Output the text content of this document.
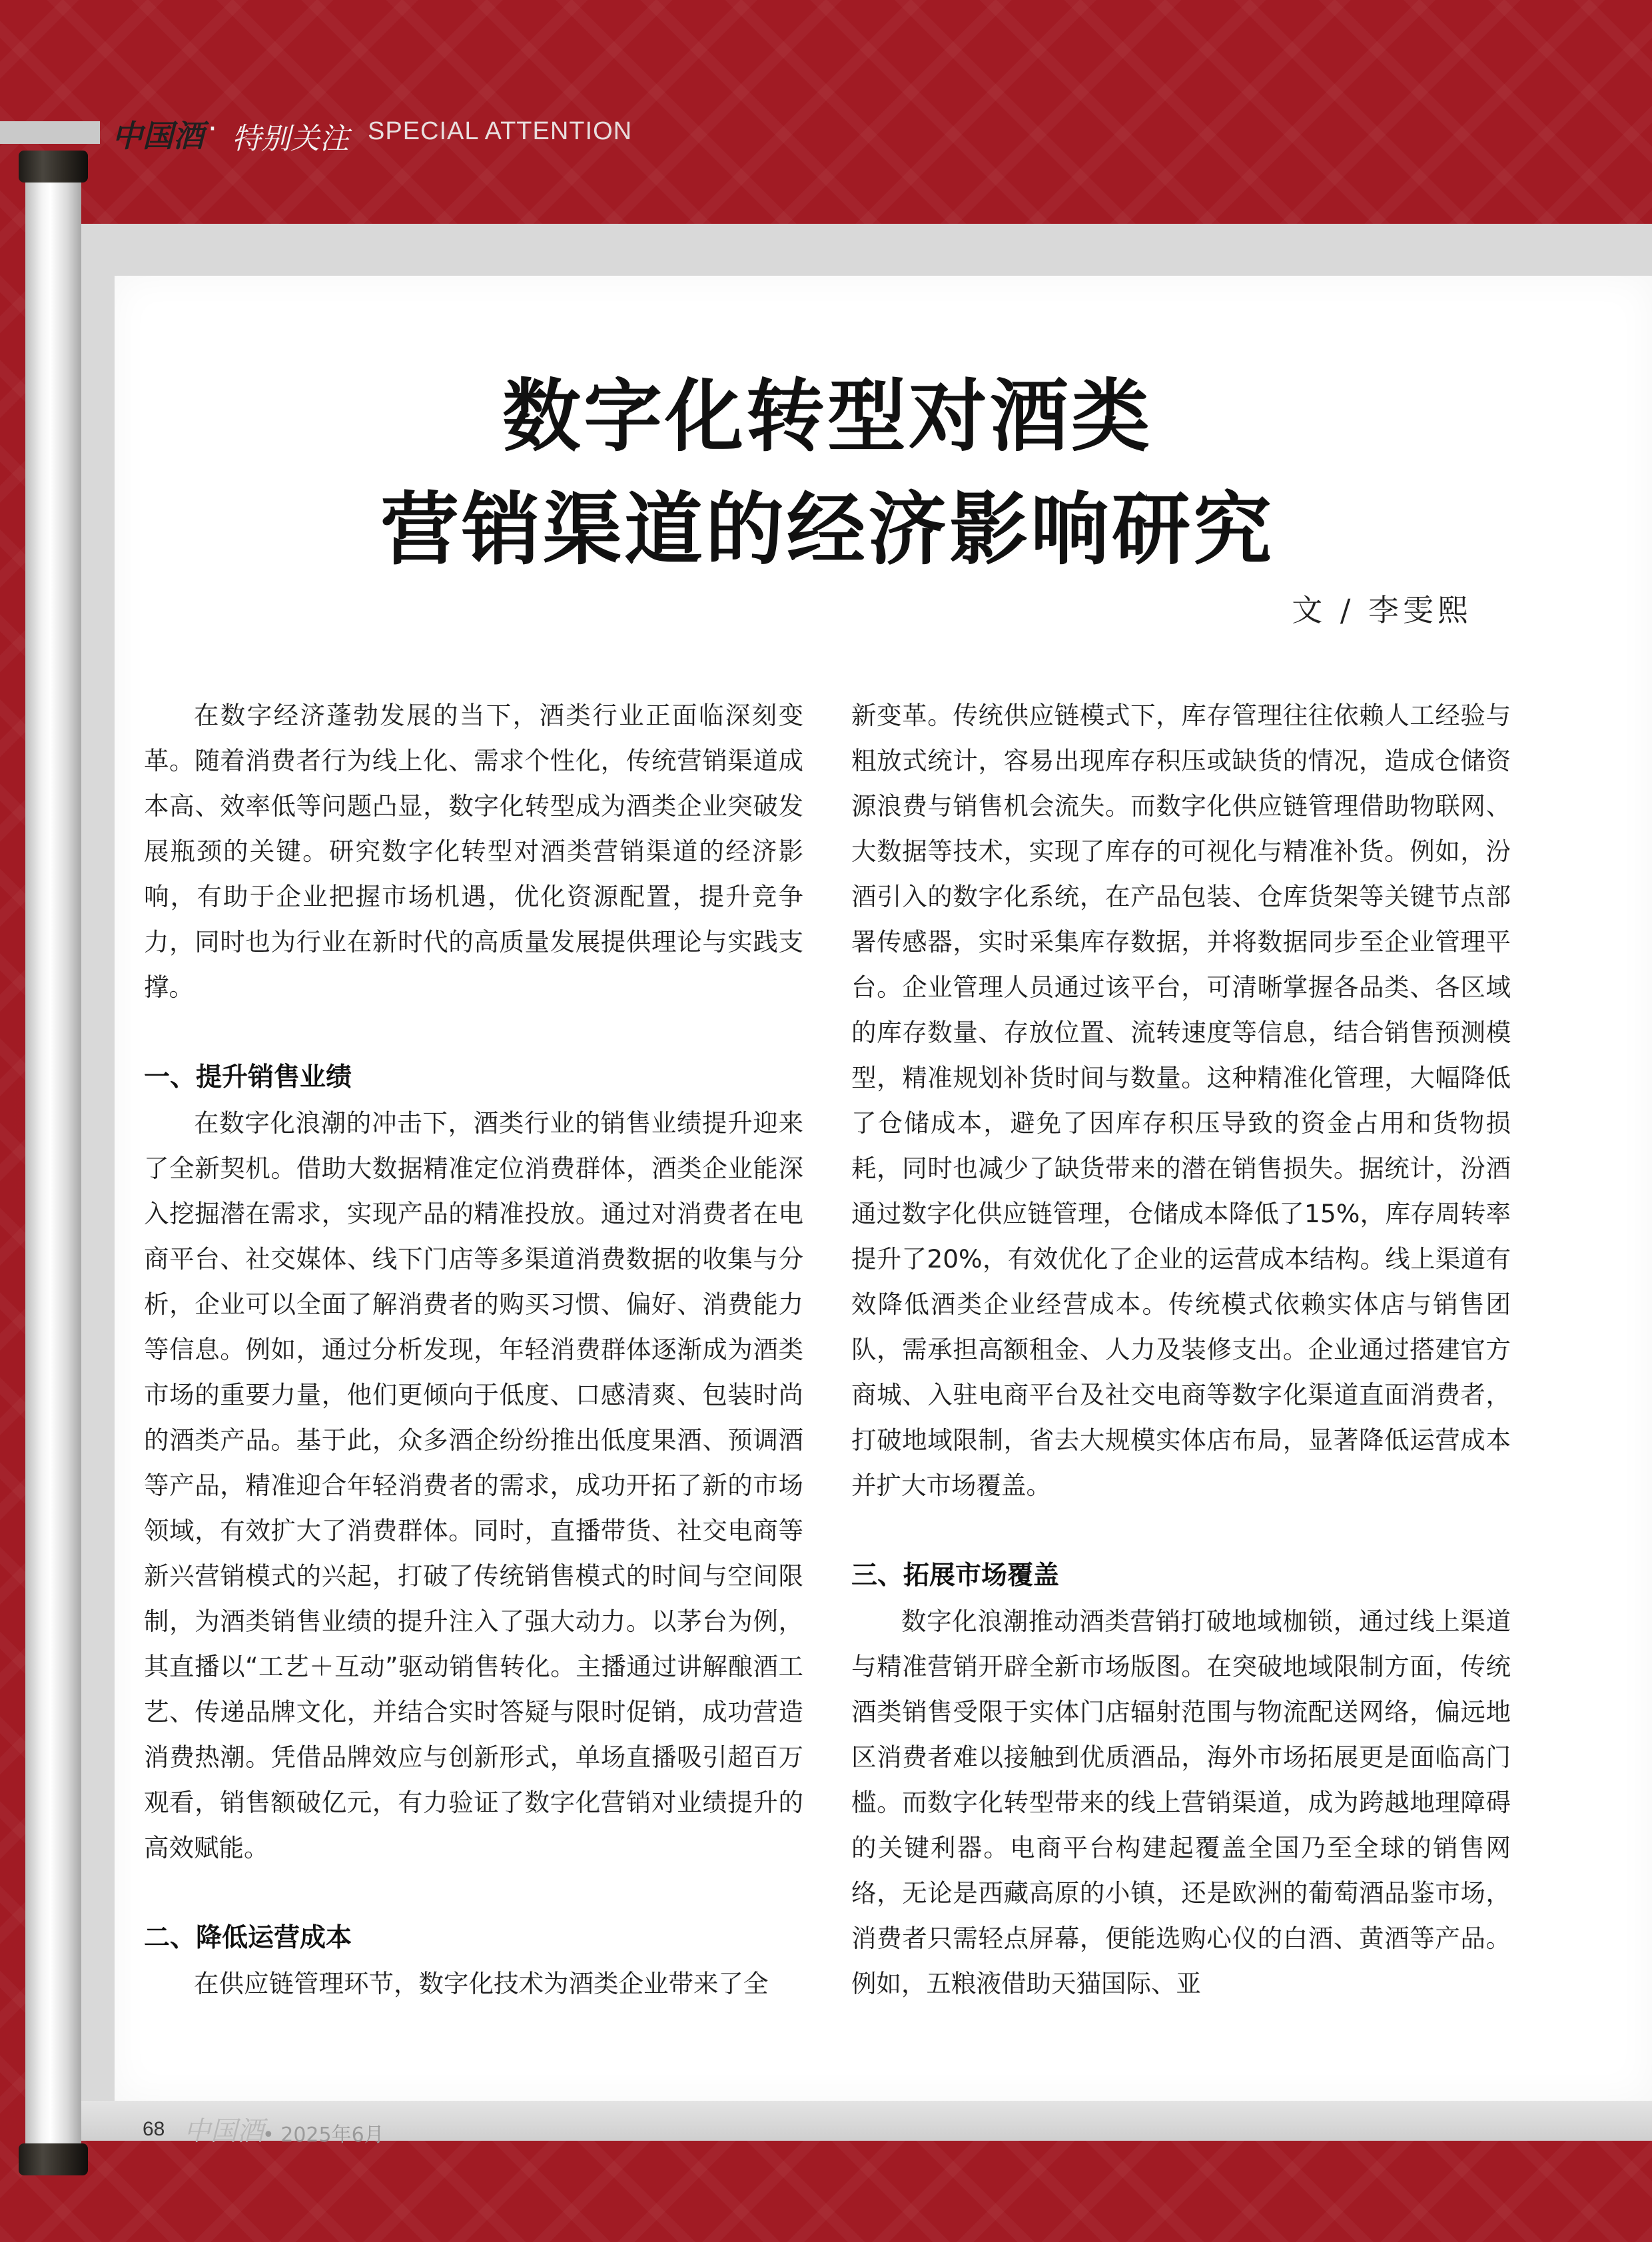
中国酒 · 特别关注 SPECIAL ATTENTION
数字化转型对酒类
营销渠道的经济影响研究
文 / 李雯熙

在数字经济蓬勃发展的当下，酒类行业正面临深刻变革。随着消费者行为线上化、需求个性化，传统营销渠道成本高、效率低等问题凸显，数字化转型成为酒类企业突破发展瓶颈的关键。研究数字化转型对酒类营销渠道的经济影响，有助于企业把握市场机遇，优化资源配置，提升竞争力，同时也为行业在新时代的高质量发展提供理论与实践支撑。

一、提升销售业绩

在数字化浪潮的冲击下，酒类行业的销售业绩提升迎来了全新契机。借助大数据精准定位消费群体，酒类企业能深入挖掘潜在需求，实现产品的精准投放。通过对消费者在电商平台、社交媒体、线下门店等多渠道消费数据的收集与分析，企业可以全面了解消费者的购买习惯、偏好、消费能力等信息。例如，通过分析发现，年轻消费群体逐渐成为酒类市场的重要力量，他们更倾向于低度、口感清爽、包装时尚的酒类产品。基于此，众多酒企纷纷推出低度果酒、预调酒等产品，精准迎合年轻消费者的需求，成功开拓了新的市场领域，有效扩大了消费群体。同时，直播带货、社交电商等新兴营销模式的兴起，打破了传统销售模式的时间与空间限制，为酒类销售业绩的提升注入了强大动力。以茅台为例，其直播以“工艺＋互动”驱动销售转化。主播通过讲解酿酒工艺、传递品牌文化，并结合实时答疑与限时促销，成功营造消费热潮。凭借品牌效应与创新形式，单场直播吸引超百万观看，销售额破亿元，有力验证了数字化营销对业绩提升的高效赋能。

二、降低运营成本

在供应链管理环节，数字化技术为酒类企业带来了全

新变革。传统供应链模式下，库存管理往往依赖人工经验与粗放式统计，容易出现库存积压或缺货的情况，造成仓储资源浪费与销售机会流失。而数字化供应链管理借助物联网、大数据等技术，实现了库存的可视化与精准补货。例如，汾酒引入的数字化系统，在产品包装、仓库货架等关键节点部署传感器，实时采集库存数据，并将数据同步至企业管理平台。企业管理人员通过该平台，可清晰掌握各品类、各区域的库存数量、存放位置、流转速度等信息，结合销售预测模型，精准规划补货时间与数量。这种精准化管理，大幅降低了仓储成本，避免了因库存积压导致的资金占用和货物损耗，同时也减少了缺货带来的潜在销售损失。据统计，汾酒通过数字化供应链管理，仓储成本降低了15%，库存周转率提升了20%，有效优化了企业的运营成本结构。线上渠道有效降低酒类企业经营成本。传统模式依赖实体店与销售团队，需承担高额租金、人力及装修支出。企业通过搭建官方商城、入驻电商平台及社交电商等数字化渠道直面消费者，打破地域限制，省去大规模实体店布局，显著降低运营成本并扩大市场覆盖。

三、拓展市场覆盖

数字化浪潮推动酒类营销打破地域枷锁，通过线上渠道与精准营销开辟全新市场版图。在突破地域限制方面，传统酒类销售受限于实体门店辐射范围与物流配送网络，偏远地区消费者难以接触到优质酒品，海外市场拓展更是面临高门槛。而数字化转型带来的线上营销渠道，成为跨越地理障碍的关键利器。电商平台构建起覆盖全国乃至全球的销售网络，无论是西藏高原的小镇，还是欧洲的葡萄酒品鉴市场，消费者只需轻点屏幕，便能选购心仪的白酒、黄酒等产品。例如，五粮液借助天猫国际、亚

68 中国酒
• 2025年6月
